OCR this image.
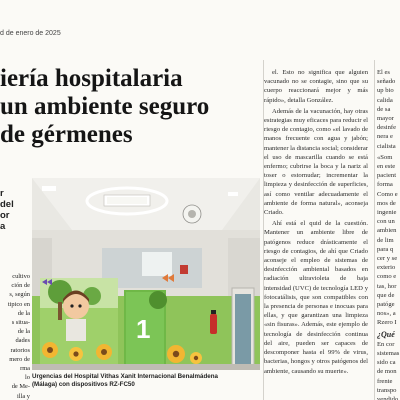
d de enero de 2025
iería hospitalaria
un ambiente seguro
de gérmenes
r
del
or
a
cultivo
ción de
s, según
tipico en
de la
s situa-
de la
dades
ratorios
mero de
rma
lo
de Me-
illa y
1
Urgencias del Hospital Vithas Xanit Internacional Benalmádena
(Málaga) con dispositivos RZ-FC50

el. Esto no significa que alguien vacunado no se contagie, sino que su cuerpo reaccionará mejor y más rápido», detalla González.

Además de la vacunación, hay otras estrategias muy eficaces para reducir el riesgo de contagio, como «el lavado de manos frecuente con agua y jabón; mantener la distancia social; considerar el uso de mascarilla cuando se está enfermo; cubrirse la boca y la nariz al toser o estornudar; incrementar la limpieza y desinfección de superficies, así como ventilar adecuadamente el ambiente de forma natural», aconseja Criado.

Ahí está el quid de la cuestión. Mantener un ambiente libre de patógenos reduce drásticamente el riesgo de contagios, de ahí que Criado aconseje el empleo de sistemas de desinfección ambiental basados en radiación ultravioleta de baja intensidad (UVC) de tecnología LED y fotocatálisis, que son compatibles con la presencia de personas e inocuas para ellas, y que garantizan una limpieza «sin fisuras». Además, este ejemplo de tecnología de desinfección continua del aire, pueden ser capaces de descomponer hasta el 99% de virus, bacterias, hongos y otros patógenos del ambiente, causando su muerte».

El es
señado
up bio
calida
de sa
mayor
desinfe
nera e
cialista

«Som
en este
pacient
forma
Como e
mos de
ingenie
con un
ambien
de lim
para q
cer y se
exterio
como e
tas, hor
que de
patóge
nos», a
Rzero I

¿Qué

En cor
sistemas
sido ca
de mon
frente
transpo
vendido
